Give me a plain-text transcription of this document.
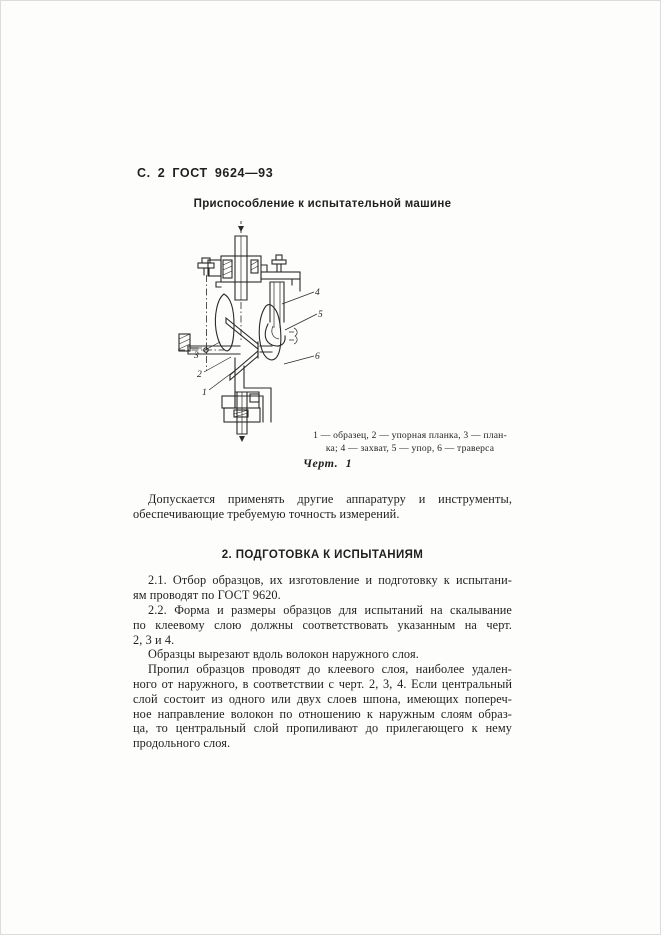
С. 2 ГОСТ 9624—93
Приспособление к испытательной машине
3
2
1
4
5
6
1 — образец, 2 — упорная планка, 3 — план-
ка; 4 — захват, 5 — упор, 6 — траверса
Черт. 1
Допускается применять другие аппаратуру и инструменты,
обеспечивающие требуемую точность измерений.
2. ПОДГОТОВКА К ИСПЫТАНИЯМ
2.1. Отбор образцов, их изготовление и подготовку к испытани-
ям проводят по ГОСТ 9620.
2.2. Форма и размеры образцов для испытаний на скалывание
по клеевому слою должны соответствовать указанным на черт.
2, 3 и 4.
Образцы вырезают вдоль волокон наружного слоя.
Пропил образцов проводят до клеевого слоя, наиболее удален-
ного от наружного, в соответствии с черт. 2, 3, 4. Если центральный
слой состоит из одного или двух слоев шпона, имеющих попереч-
ное направление волокон по отношению к наружным слоям образ-
ца, то центральный слой пропиливают до прилегающего к нему
продольного слоя.
